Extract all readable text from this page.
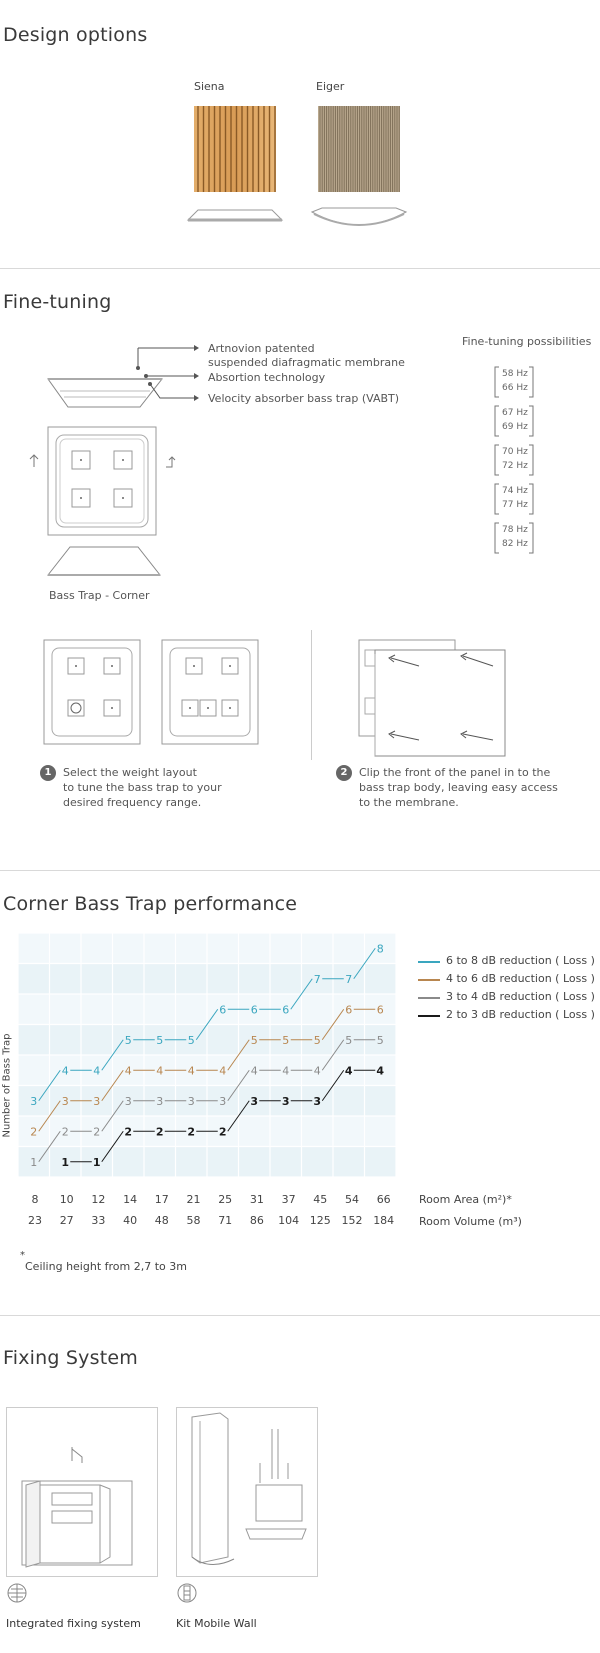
Design options
Siena	Eiger
Fine-tuning
Artnovion patented
suspended diafragmatic membrane
Absortion technology
Velocity absorber bass trap (VABT)
Fine-tuning possibilities
58 Hz
66 Hz
67 Hz
69 Hz
70 Hz
72 Hz
74 Hz
77 Hz
78 Hz
82 Hz
Bass Trap - Corner
1	Select the weight layout
to tune the bass trap to your
desired frequency range.
2	Clip the front of the panel in to the
bass trap body, leaving easy access
to the membrane.
Corner Bass Trap performance
3
4 4
5 5 5
6 6 6
7 7
8
2
3 3
4 4 4 4
5 5 5
6 6
1
2 2
3 3 3 3
4 4 4
5 5
1 1
2 2 2 2
3 3 3
4 4
Number of Bass Trap
6 to 8 dB reduction ( Loss )
4 to 6 dB reduction ( Loss )
3 to 4 dB reduction ( Loss )
2 to 3 dB reduction ( Loss )
8	10	12	14	17	21	25	31	37	45	54	66
23	27	33	40	48	58	71	86	104 125 152 184
Room Area (m²)*
Room Volume (m³)
*
Ceiling height from 2,7 to 3m
Fixing System
Integrated fixing system	Kit Mobile Wall
